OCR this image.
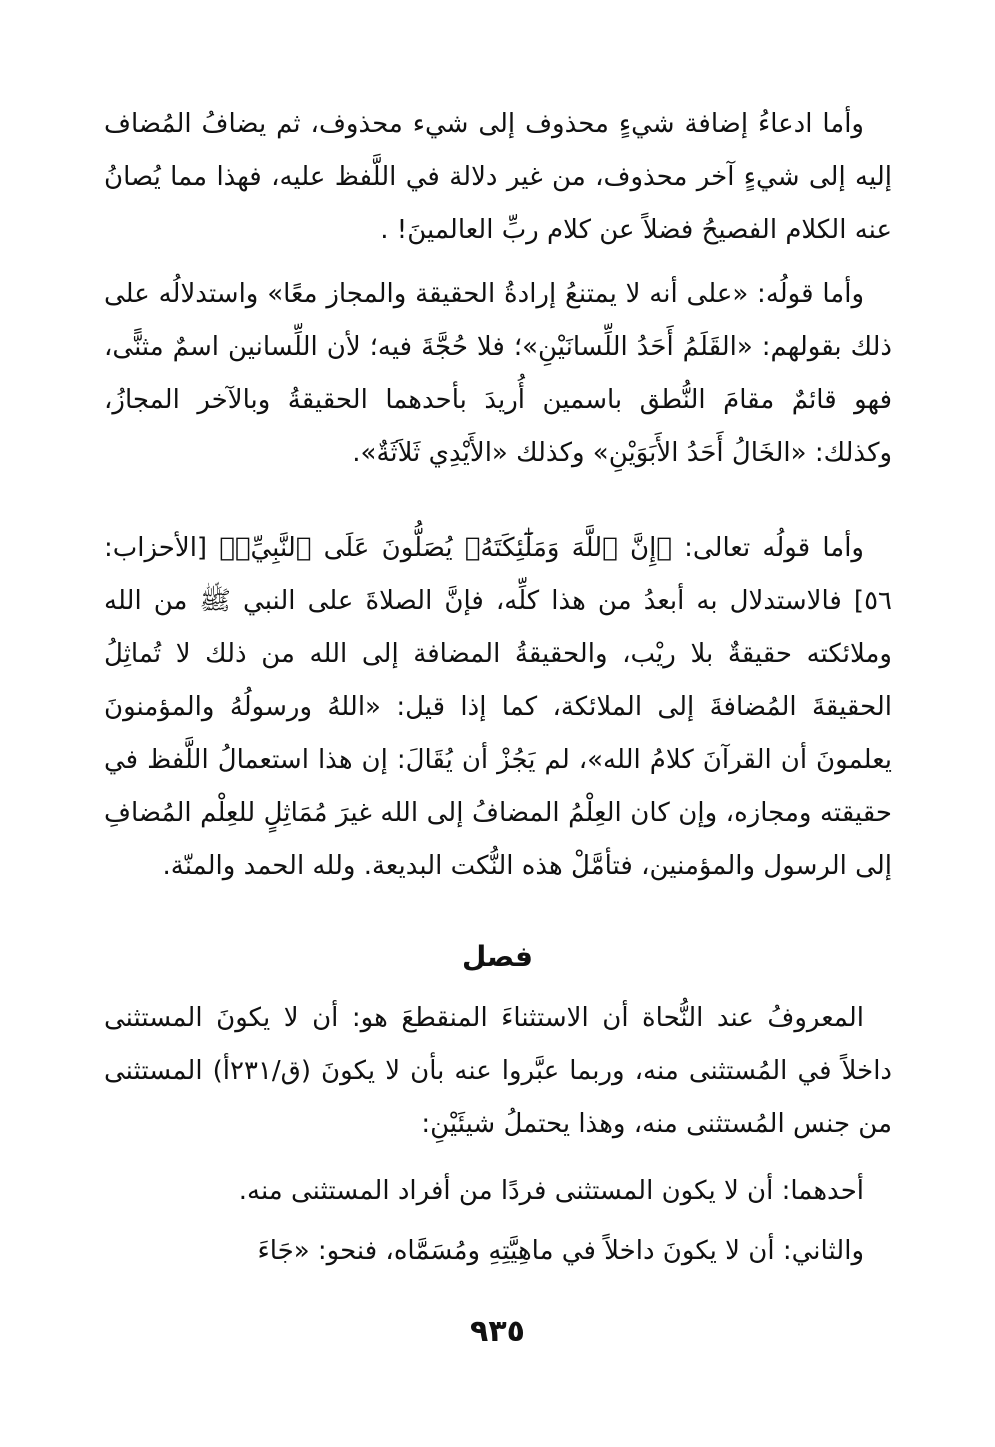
وأما ادعاءُ إضافة شيءٍ محذوف إلى شيء محذوف، ثم يضافُ المُضاف إليه إلى شيءٍ آخر محذوف، من غير دلالة في اللَّفظ عليه، فهذا مما يُصانُ عنه الكلام الفصيحُ فضلاً عن كلام ربِّ العالمينَ! .

وأما قولُه: «على أنه لا يمتنعُ إرادةُ الحقيقة والمجاز معًا» واستدلالُه على ذلك بقولهم: «القَلَمُ أَحَدُ اللِّسانَيْنِ»؛ فلا حُجَّةَ فيه؛ لأن اللِّسانين اسمٌ مثنًّى، فهو قائمٌ مقامَ النُّطق باسمين أُريدَ بأحدهما الحقيقةُ وبالآخر المجازُ، وكذلك: «الخَالُ أَحَدُ الأَبَوَيْنِ» وكذلك «الأَيْدِي ثَلاَثَةٌ».

وأما قولُه تعالى: ﴿إِنَّ ٱللَّهَ وَمَلَٰٓئِكَتَهُۥ يُصَلُّونَ عَلَى ٱلنَّبِيِّۚ﴾ [الأحزاب: ٥٦] فالاستدلال به أبعدُ من هذا كلِّه، فإنَّ الصلاةَ على النبي ﷺ من الله وملائكته حقيقةٌ بلا ريْب، والحقيقةُ المضافة إلى الله من ذلك لا تُماثِلُ الحقيقةَ المُضافةَ إلى الملائكة، كما إذا قيل: «اللهُ ورسولُهُ والمؤمنونَ يعلمونَ أن القرآنَ كلامُ الله»، لم يَجُزْ أن يُقَالَ: إن هذا استعمالُ اللَّفظ في حقيقته ومجازه، وإن كان العِلْمُ المضافُ إلى الله غيرَ مُمَاثِلٍ للعِلْم المُضافِ إلى الرسول والمؤمنين، فتأمَّلْ هذه النُّكت البديعة. ولله الحمد والمنّة.

فصل

المعروفُ عند النُّحاة أن الاستثناءَ المنقطعَ هو: أن لا يكونَ المستثنى داخلاً في المُستثنى منه، وربما عبَّروا عنه بأن لا يكونَ (ق/٢٣١أ) المستثنى من جنس المُستثنى منه، وهذا يحتملُ شيئَيْنِ:

أحدهما: أن لا يكون المستثنى فردًا من أفراد المستثنى منه.

والثاني: أن لا يكونَ داخلاً في ماهِيَّتِهِ ومُسَمَّاه، فنحو: «جَاءَ

٩٣٥
